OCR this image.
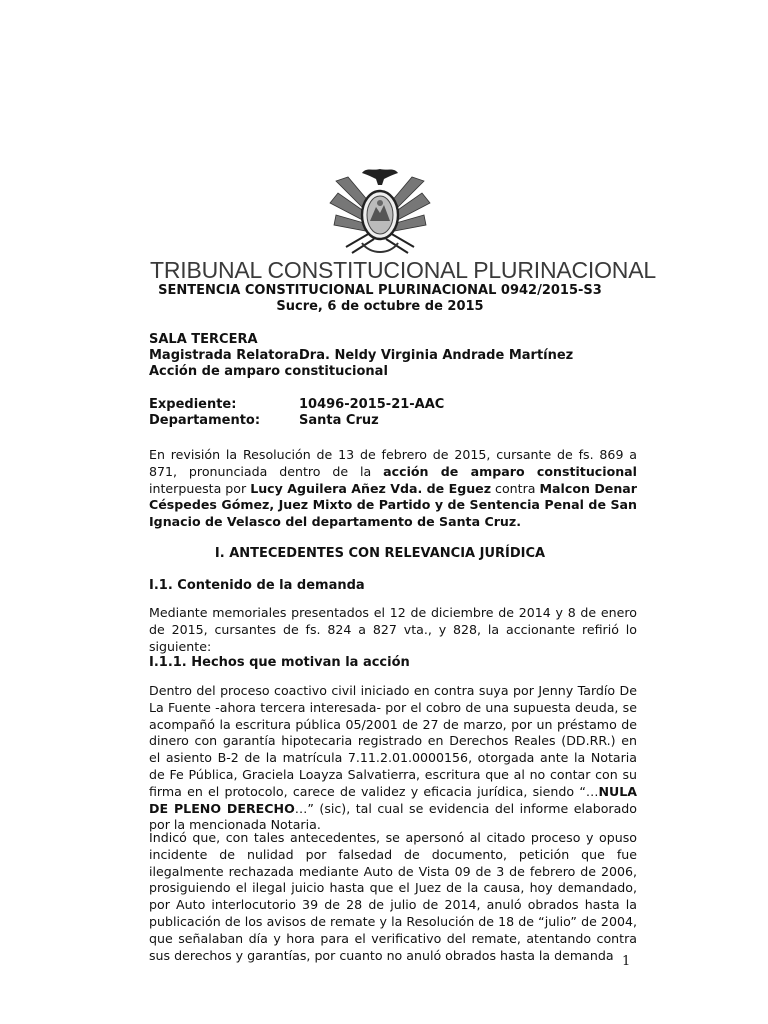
TRIBUNAL CONSTITUCIONAL PLURINACIONAL
SENTENCIA CONSTITUCIONAL PLURINACIONAL 0942/2015-S3
Sucre, 6 de octubre de 2015
SALA TERCERA
Magistrada Relatora:Dra. Neldy Virginia Andrade Martínez
Acción de amparo constitucional
Expediente:	10496-2015-21-AAC
Departamento:	Santa Cruz
En revisión la Resolución de 13 de febrero de 2015, cursante de fs. 869 a 871, pronunciada dentro de la acción de amparo constitucional interpuesta por Lucy Aguilera Añez Vda. de Eguez contra Malcon Denar Céspedes Gómez, Juez Mixto de Partido y de Sentencia Penal de San Ignacio de Velasco del departamento de Santa Cruz.
I. ANTECEDENTES CON RELEVANCIA JURÍDICA
I.1. Contenido de la demanda
Mediante memoriales presentados el 12 de diciembre de 2014 y 8 de enero de 2015, cursantes de fs. 824 a 827 vta., y 828, la accionante refirió lo siguiente:
I.1.1. Hechos que motivan la acción
Dentro del proceso coactivo civil iniciado en contra suya por Jenny Tardío De La Fuente -ahora tercera interesada- por el cobro de una supuesta deuda, se acompañó la escritura pública 05/2001 de 27 de marzo, por un préstamo de dinero con garantía hipotecaria registrado en Derechos Reales (DD.RR.) en el asiento B-2 de la matrícula 7.11.2.01.0000156, otorgada ante la Notaria de Fe Pública, Graciela Loayza Salvatierra, escritura que al no contar con su firma en el protocolo, carece de validez y eficacia jurídica, siendo “…NULA DE PLENO DERECHO…” (sic), tal cual se evidencia del informe elaborado por la mencionada Notaria.
Indicó que, con tales antecedentes, se apersonó al citado proceso y opuso incidente de nulidad por falsedad de documento, petición que fue ilegalmente rechazada mediante Auto de Vista 09 de 3 de febrero de 2006, prosiguiendo el ilegal juicio hasta que el Juez de la causa, hoy demandado, por Auto interlocutorio 39 de 28 de julio de 2014, anuló obrados hasta la publicación de los avisos de remate y la Resolución de 18 de “julio” de 2004, que señalaban día y hora para el verificativo del remate, atentando contra sus derechos y garantías, por cuanto no anuló obrados hasta la demanda 1
